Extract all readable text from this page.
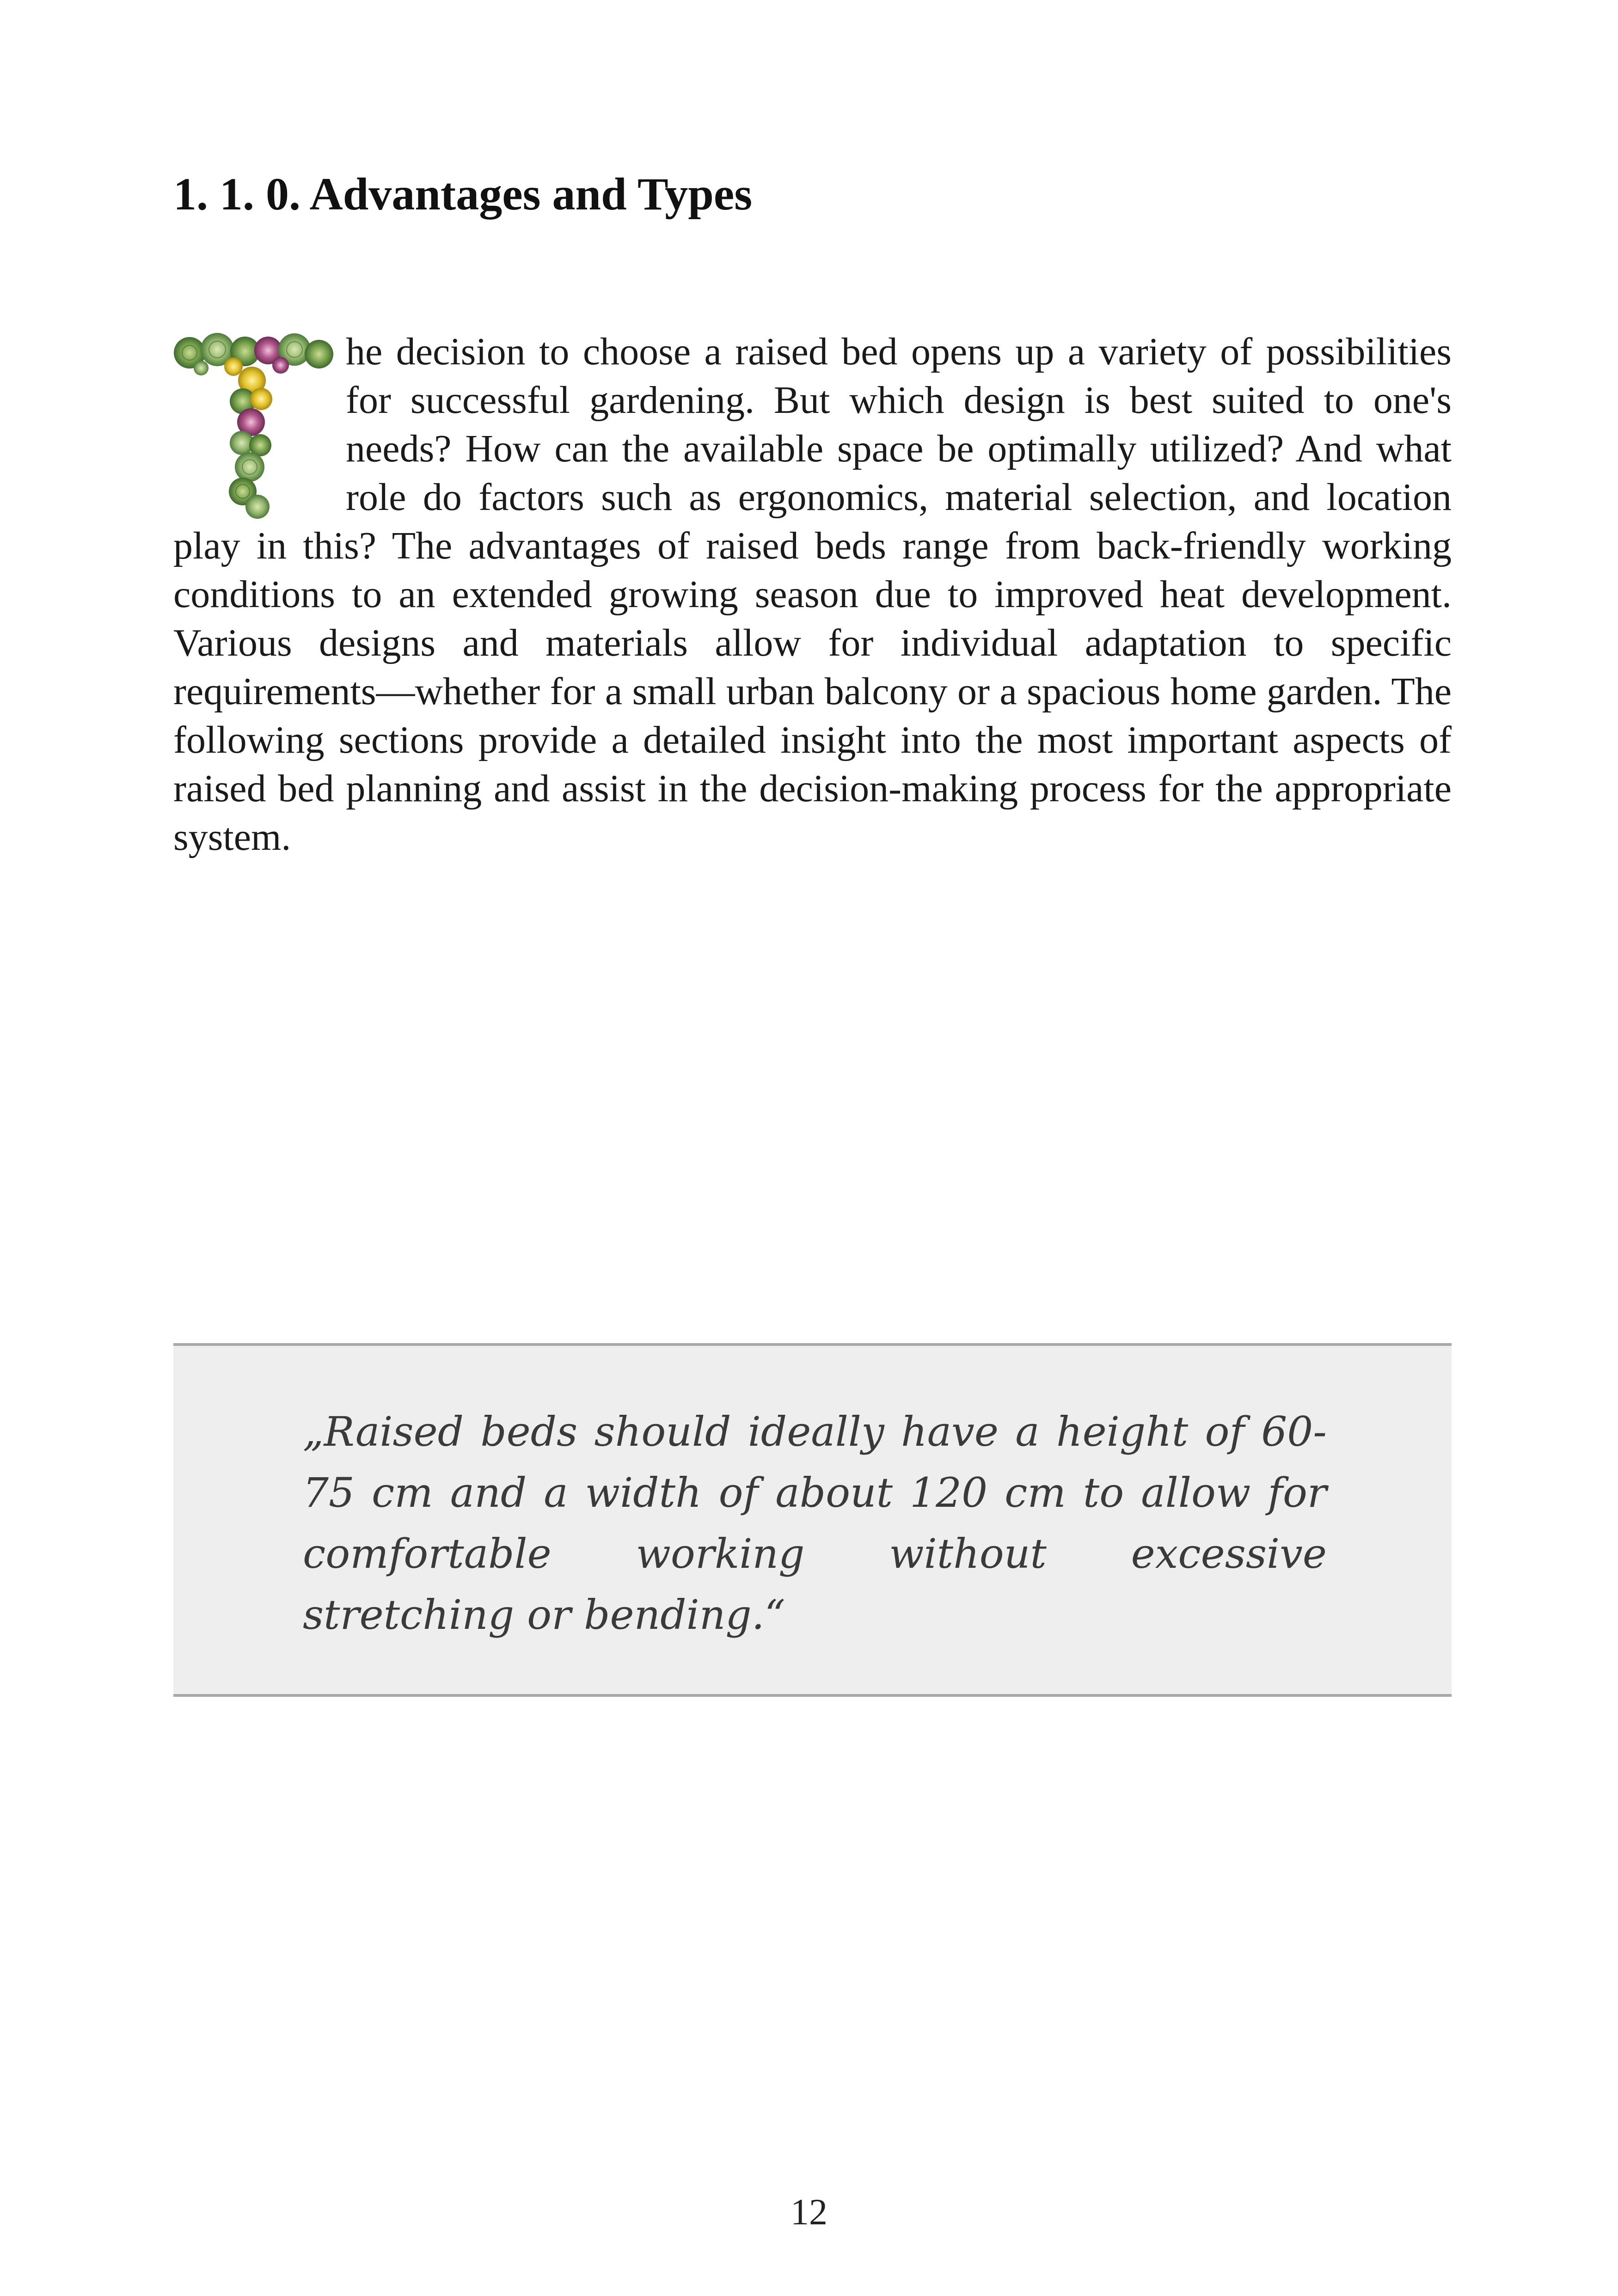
1. 1. 0. Advantages and Types

he decision to choose a raised bed opens up a variety of possibilities for successful gardening. But which design is best suited to one's needs? How can the available space be optimally utilized? And what role do factors such as ergonomics, material selection, and location play in this? The advantages of raised beds range from back-friendly working conditions to an extended growing season due to improved heat development. Various designs and materials allow for individual adaptation to specific requirements—whether for a small urban balcony or a spacious home garden. The following sections provide a detailed insight into the most important aspects of raised bed planning and assist in the decision-making process for the appropriate system.

„Raised beds should ideally have a height of 60-75 cm and a width of about 120 cm to allow for comfortable working without excessive stretching or bending.“

12
